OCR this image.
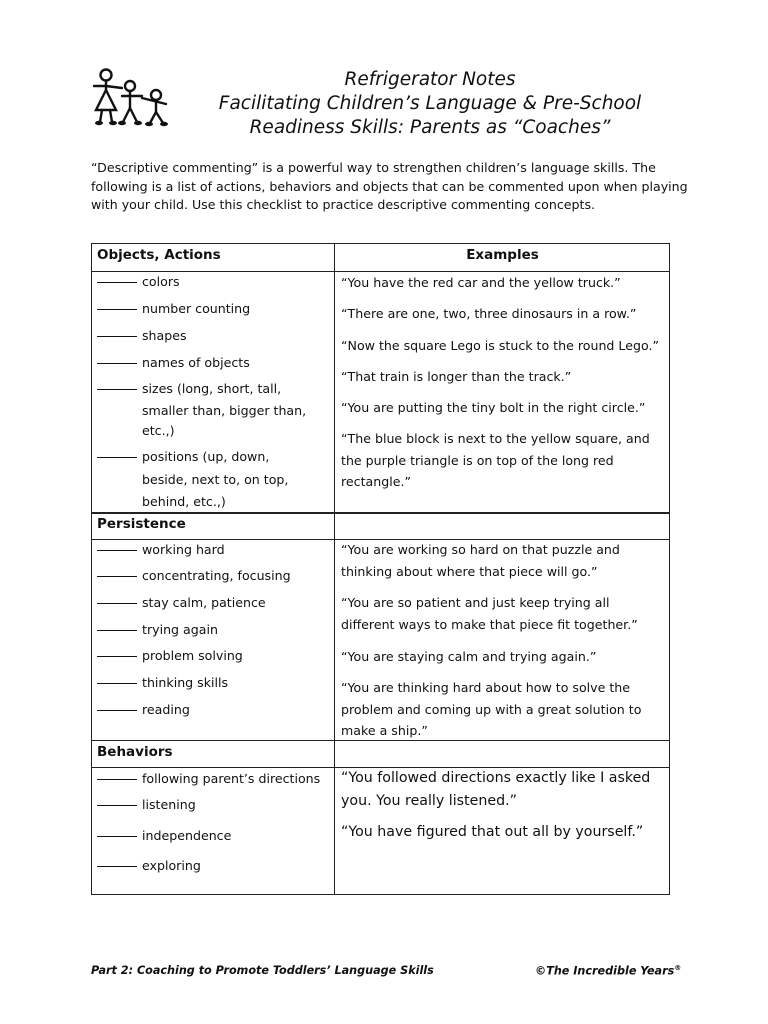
Refrigerator Notes
Facilitating Children’s Language & Pre-School
Readiness Skills: Parents as “Coaches”
“Descriptive commenting” is a powerful way to strengthen children’s language skills. The following is a list of actions, behaviors and objects that can be commented upon when playing with your child. Use this checklist to practice descriptive commenting concepts.
Objects, Actions	Examples
colors
number counting
shapes
names of objects
sizes (long, short, tall,
smaller than, bigger than,
etc.,)
positions (up, down,
beside, next to, on top,
behind, etc.,)
“You have the red car and the yellow truck.”
“There are one, two, three dinosaurs in a row.”
“Now the square Lego is stuck to the round Lego.”
“That train is longer than the track.”
“You are putting the tiny bolt in the right circle.”
“The blue block is next to the yellow square, and the purple triangle is on top of the long red rectangle.”
Persistence
working hard
concentrating, focusing
stay calm, patience
trying again
problem solving
thinking skills
reading
“You are working so hard on that puzzle and thinking about where that piece will go.”
“You are so patient and just keep trying all different ways to make that piece fit together.”
“You are staying calm and trying again.”
“You are thinking hard about how to solve the problem and coming up with a great solution to make a ship.”
Behaviors
following parent’s directions
listening
independence
exploring
“You followed directions exactly like I asked you. You really listened.”
“You have figured that out all by yourself.”
Part 2: Coaching to Promote Toddlers’ Language Skills	©The Incredible Years®
